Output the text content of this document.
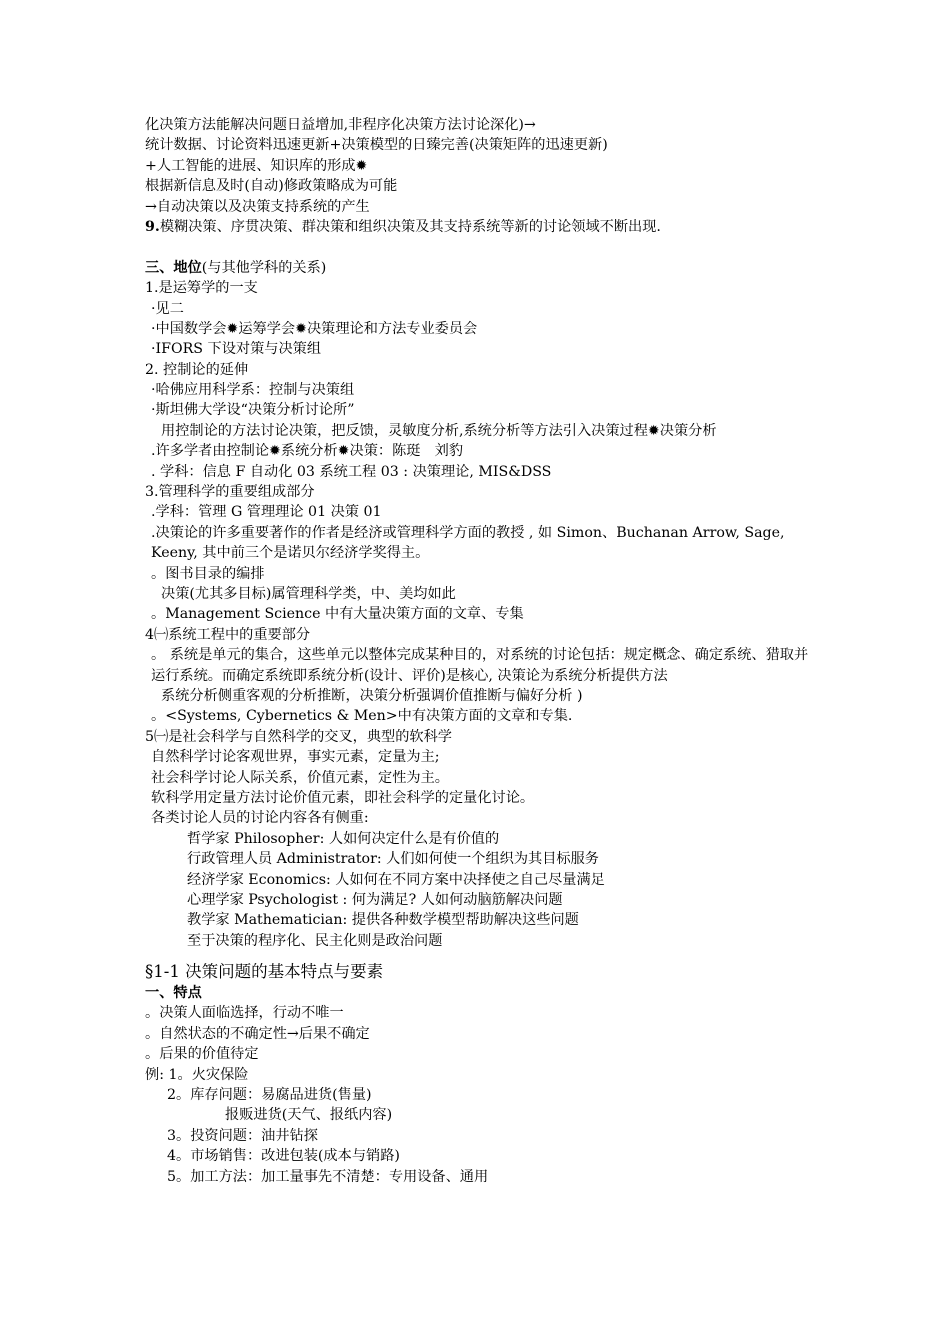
化决策方法能解决问题日益增加,非程序化决策方法讨论深化)→
统计数据、讨论资料迅速更新+决策模型的日臻完善(决策矩阵的迅速更新)
+人工智能的进展、知识库的形成✹
根据新信息及时(自动)修政策略成为可能
→自动决策以及决策支持系统的产生
9.模糊决策、序贯决策、群决策和组织决策及其支持系统等新的讨论领域不断出现.
三、地位(与其他学科的关系)
1.是运筹学的一支
·见二
·中国数学会✹运筹学会✹决策理论和方法专业委员会
·IFORS 下设对策与决策组
2. 控制论的延伸
·哈佛应用科学系：控制与决策组
·斯坦佛大学设“决策分析讨论所”
用控制论的方法讨论决策，把反馈，灵敏度分析,系统分析等方法引入决策过程✹决策分析
.许多学者由控制论✹系统分析✹决策：陈珽　刘豹
. 学科：信息 F 自动化 03 系统工程 03 : 决策理论, MIS&DSS
3.管理科学的重要组成部分
.学科：管理 G 管理理论 01 决策 01
.决策论的许多重要著作的作者是经济或管理科学方面的教授 , 如 Simon、Buchanan Arrow, Sage, Keeny, 其中前三个是诺贝尔经济学奖得主。
。图书目录的编排
决策(尤其多目标)属管理科学类，中、美均如此
。Management Science 中有大量决策方面的文章、专集
4㈠系统工程中的重要部分
。 系统是单元的集合，这些单元以整体完成某种目的，对系统的讨论包括：规定概念、确定系统、猎取并运行系统。而确定系统即系统分析(设计、评价)是核心, 决策论为系统分析提供方法
系统分析侧重客观的分析推断，决策分析强调价值推断与偏好分析 )
。<Systems, Cybernetics & Men>中有决策方面的文章和专集.
5㈠是社会科学与自然科学的交叉，典型的软科学
自然科学讨论客观世界，事实元素，定量为主;
社会科学讨论人际关系，价值元素，定性为主。
软科学用定量方法讨论价值元素，即社会科学的定量化讨论。
各类讨论人员的讨论内容各有侧重:
哲学家 Philosopher: 人如何决定什么是有价值的
行政管理人员 Administrator: 人们如何使一个组织为其目标服务
经济学家 Economics: 人如何在不同方案中决择使之自己尽量满足
心理学家 Psychologist : 何为满足? 人如何动脑筋解决问题
教学家 Mathematician: 提供各种数学模型帮助解决这些问题
至于决策的程序化、民主化则是政治问题
§1-1 决策问题的基本特点与要素
一、特点
。决策人面临选择，行动不唯一
。自然状态的不确定性→后果不确定
。后果的价值待定
例: 1。火灾保险
2。库存问题：易腐品进货(售量)
报贩进货(天气、报纸内容)
3。投资问题：油井钻探
4。市场销售：改进包装(成本与销路)
5。加工方法：加工量事先不清楚：专用设备、通用
